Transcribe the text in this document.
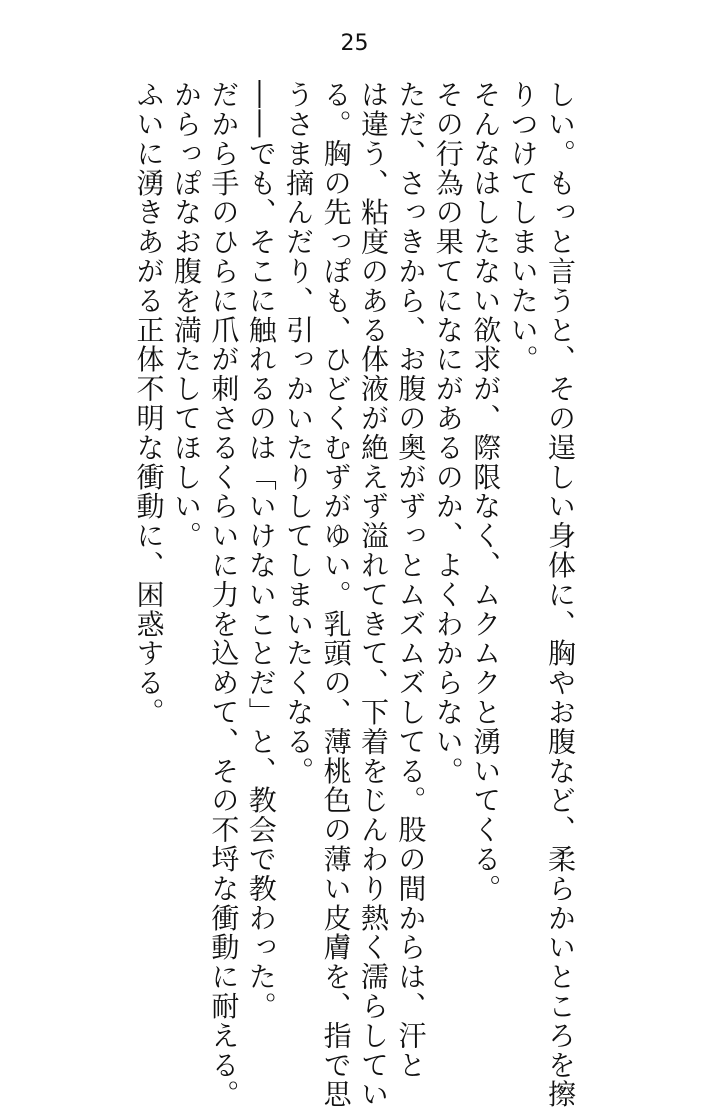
25
しい。もっと言うと、その逞しい身体に、胸やお腹など、柔らかいところを擦
りつけてしまいたい。
そんなはしたない欲求が、際限なく、ムクムクと湧いてくる。
その行為の果てになにがあるのか、よくわからない。
ただ、さっきから、お腹の奥がずっとムズムズしてる。股の間からは、汗と
は違う、粘度のある体液が絶えず溢れてきて、下着をじんわり熱く濡らしてい
る。胸の先っぽも、ひどくむずがゆい。乳頭の、薄桃色の薄い皮膚を、指で思
うさま摘んだり、引っかいたりしてしまいたくなる。
――でも、そこに触れるのは「いけないことだ」と、教会で教わった。
だから手のひらに爪が刺さるくらいに力を込めて、その不埒な衝動に耐える。
からっぽなお腹を満たしてほしい。
ふいに湧きあがる正体不明な衝動に、困惑する。
